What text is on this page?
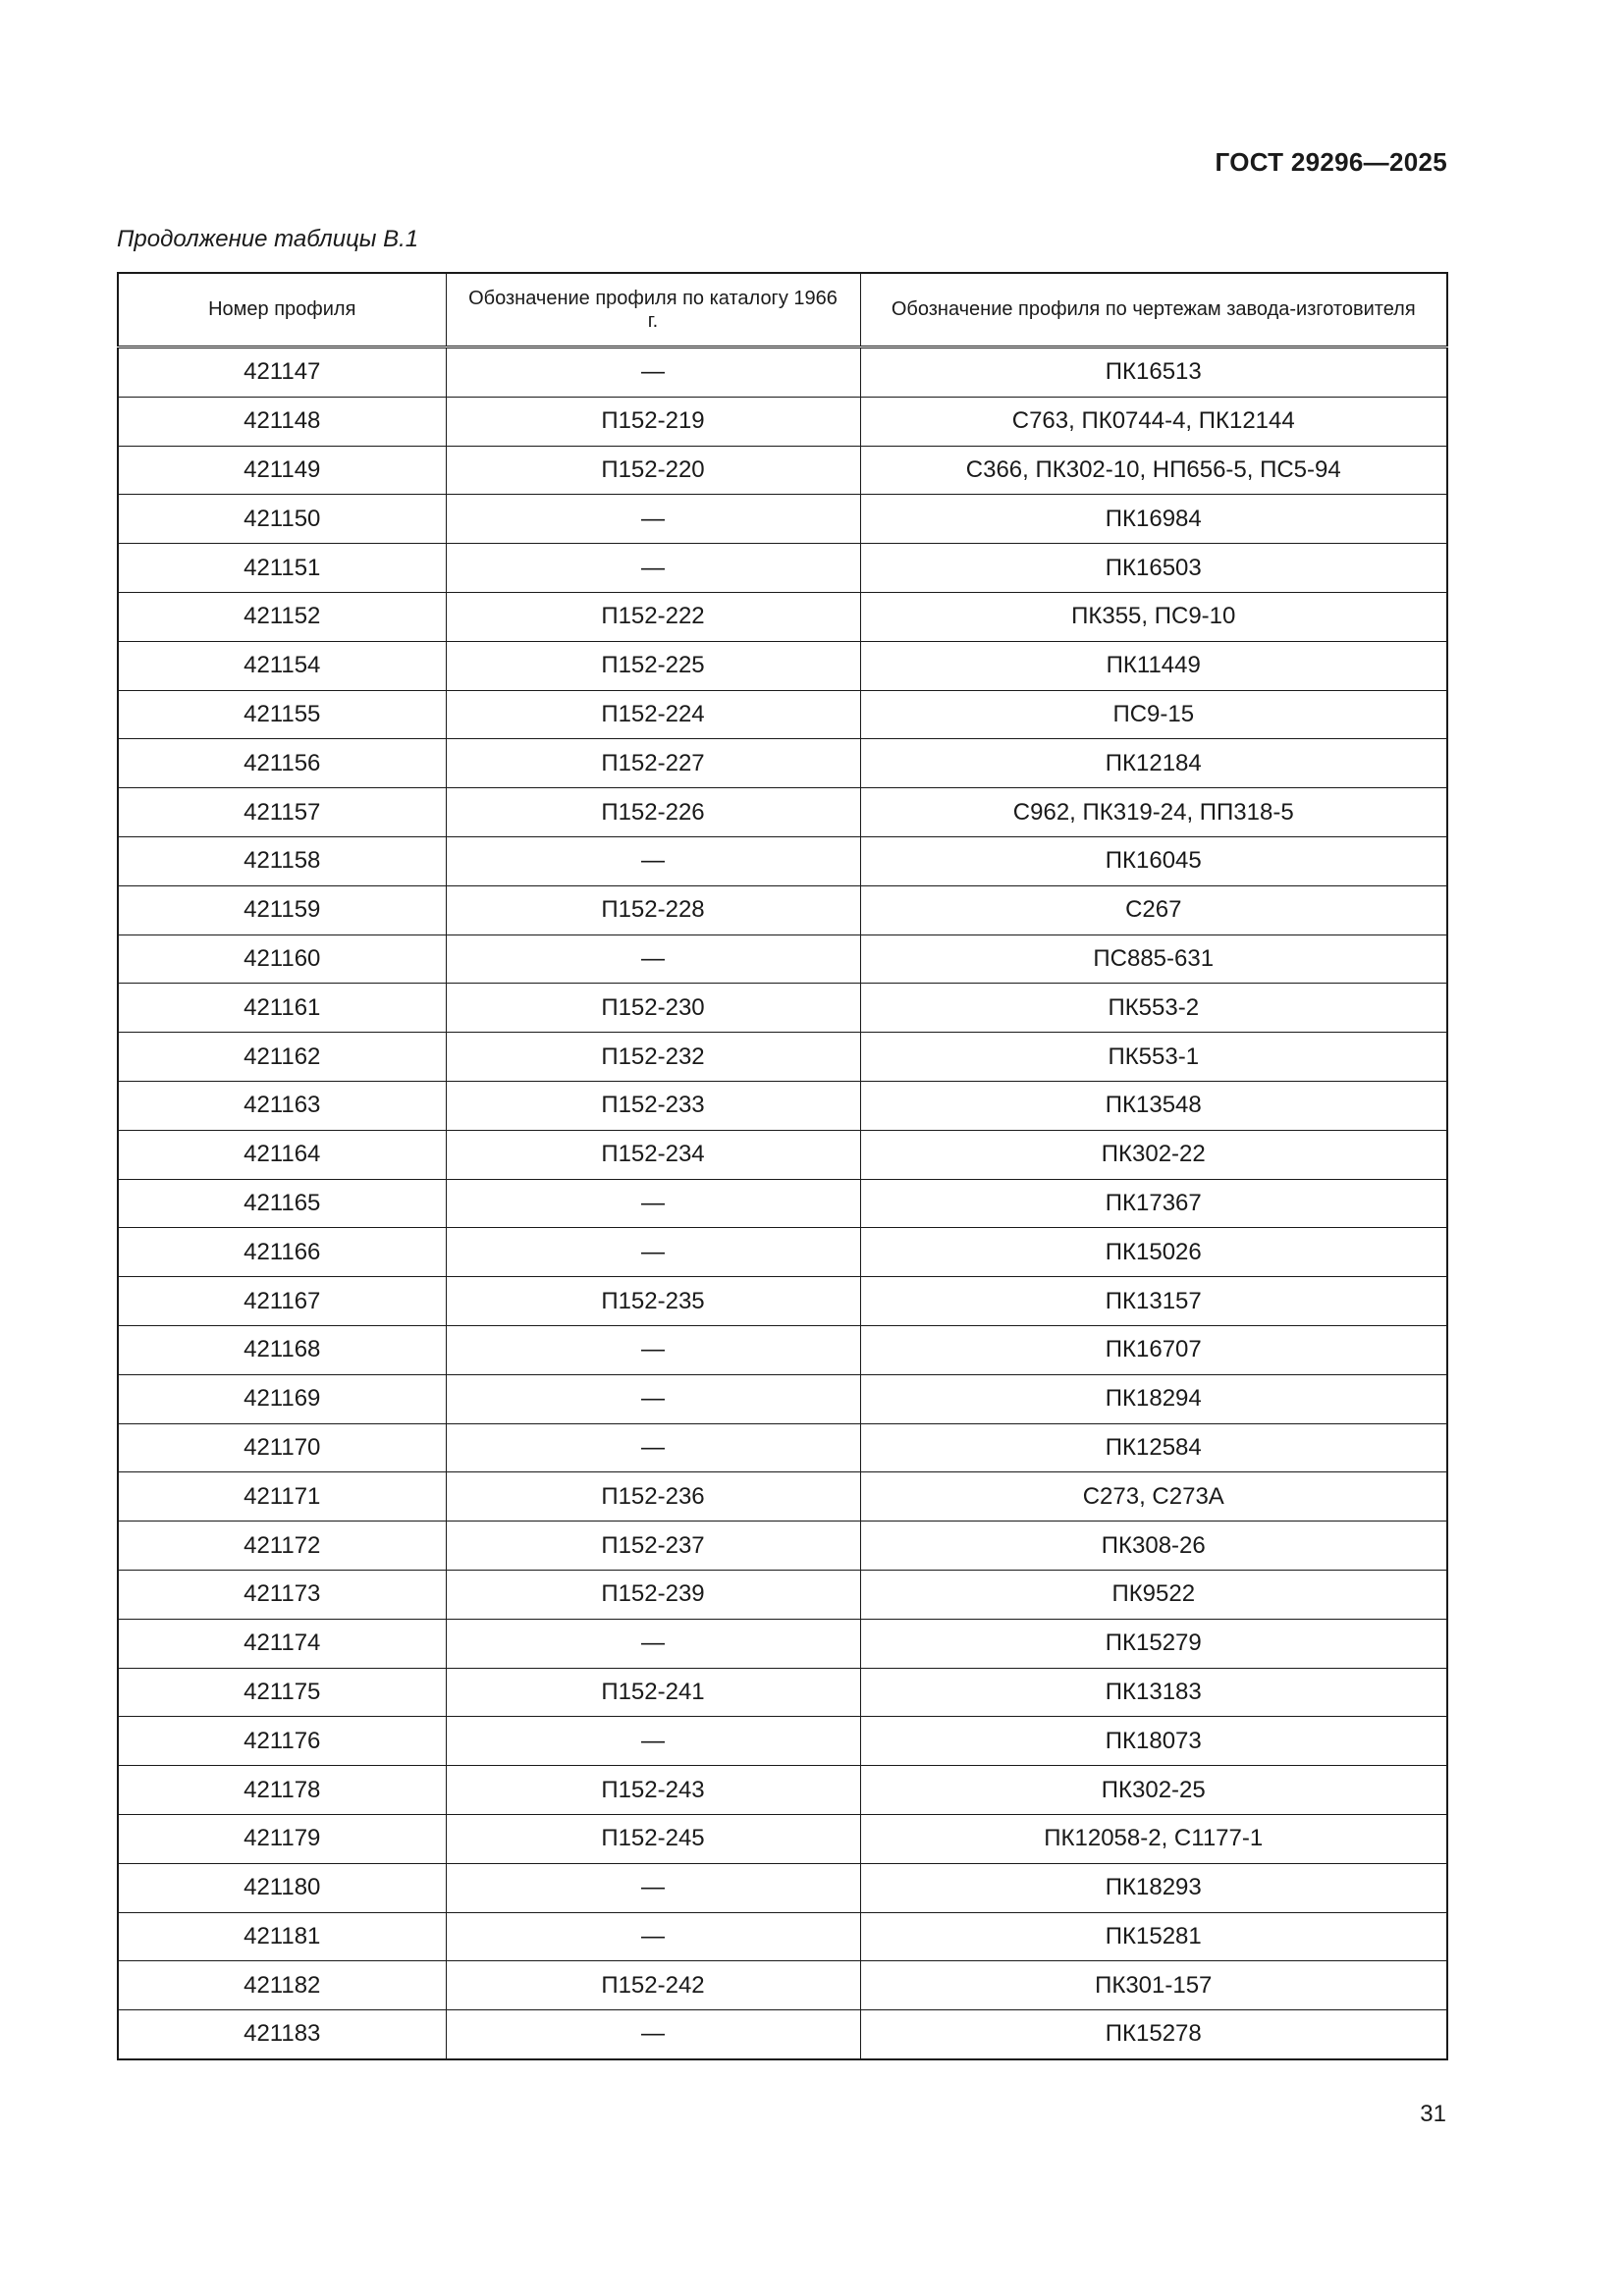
ГОСТ 29296—2025
Продолжение таблицы В.1
Номер профиля	Обозначение профиля по каталогу 1966 г.	Обозначение профиля по чертежам завода-изготовителя
421147	—	ПК16513
421148	П152-219	С763, ПК0744-4, ПК12144
421149	П152-220	С366, ПК302-10, НП656-5, ПС5-94
421150	—	ПК16984
421151	—	ПК16503
421152	П152-222	ПК355, ПС9-10
421154	П152-225	ПК11449
421155	П152-224	ПС9-15
421156	П152-227	ПК12184
421157	П152-226	С962, ПК319-24, ПП318-5
421158	—	ПК16045
421159	П152-228	С267
421160	—	ПС885-631
421161	П152-230	ПК553-2
421162	П152-232	ПК553-1
421163	П152-233	ПК13548
421164	П152-234	ПК302-22
421165	—	ПК17367
421166	—	ПК15026
421167	П152-235	ПК13157
421168	—	ПК16707
421169	—	ПК18294
421170	—	ПК12584
421171	П152-236	С273, С273А
421172	П152-237	ПК308-26
421173	П152-239	ПК9522
421174	—	ПК15279
421175	П152-241	ПК13183
421176	—	ПК18073
421178	П152-243	ПК302-25
421179	П152-245	ПК12058-2, С1177-1
421180	—	ПК18293
421181	—	ПК15281
421182	П152-242	ПК301-157
421183	—	ПК15278
31
